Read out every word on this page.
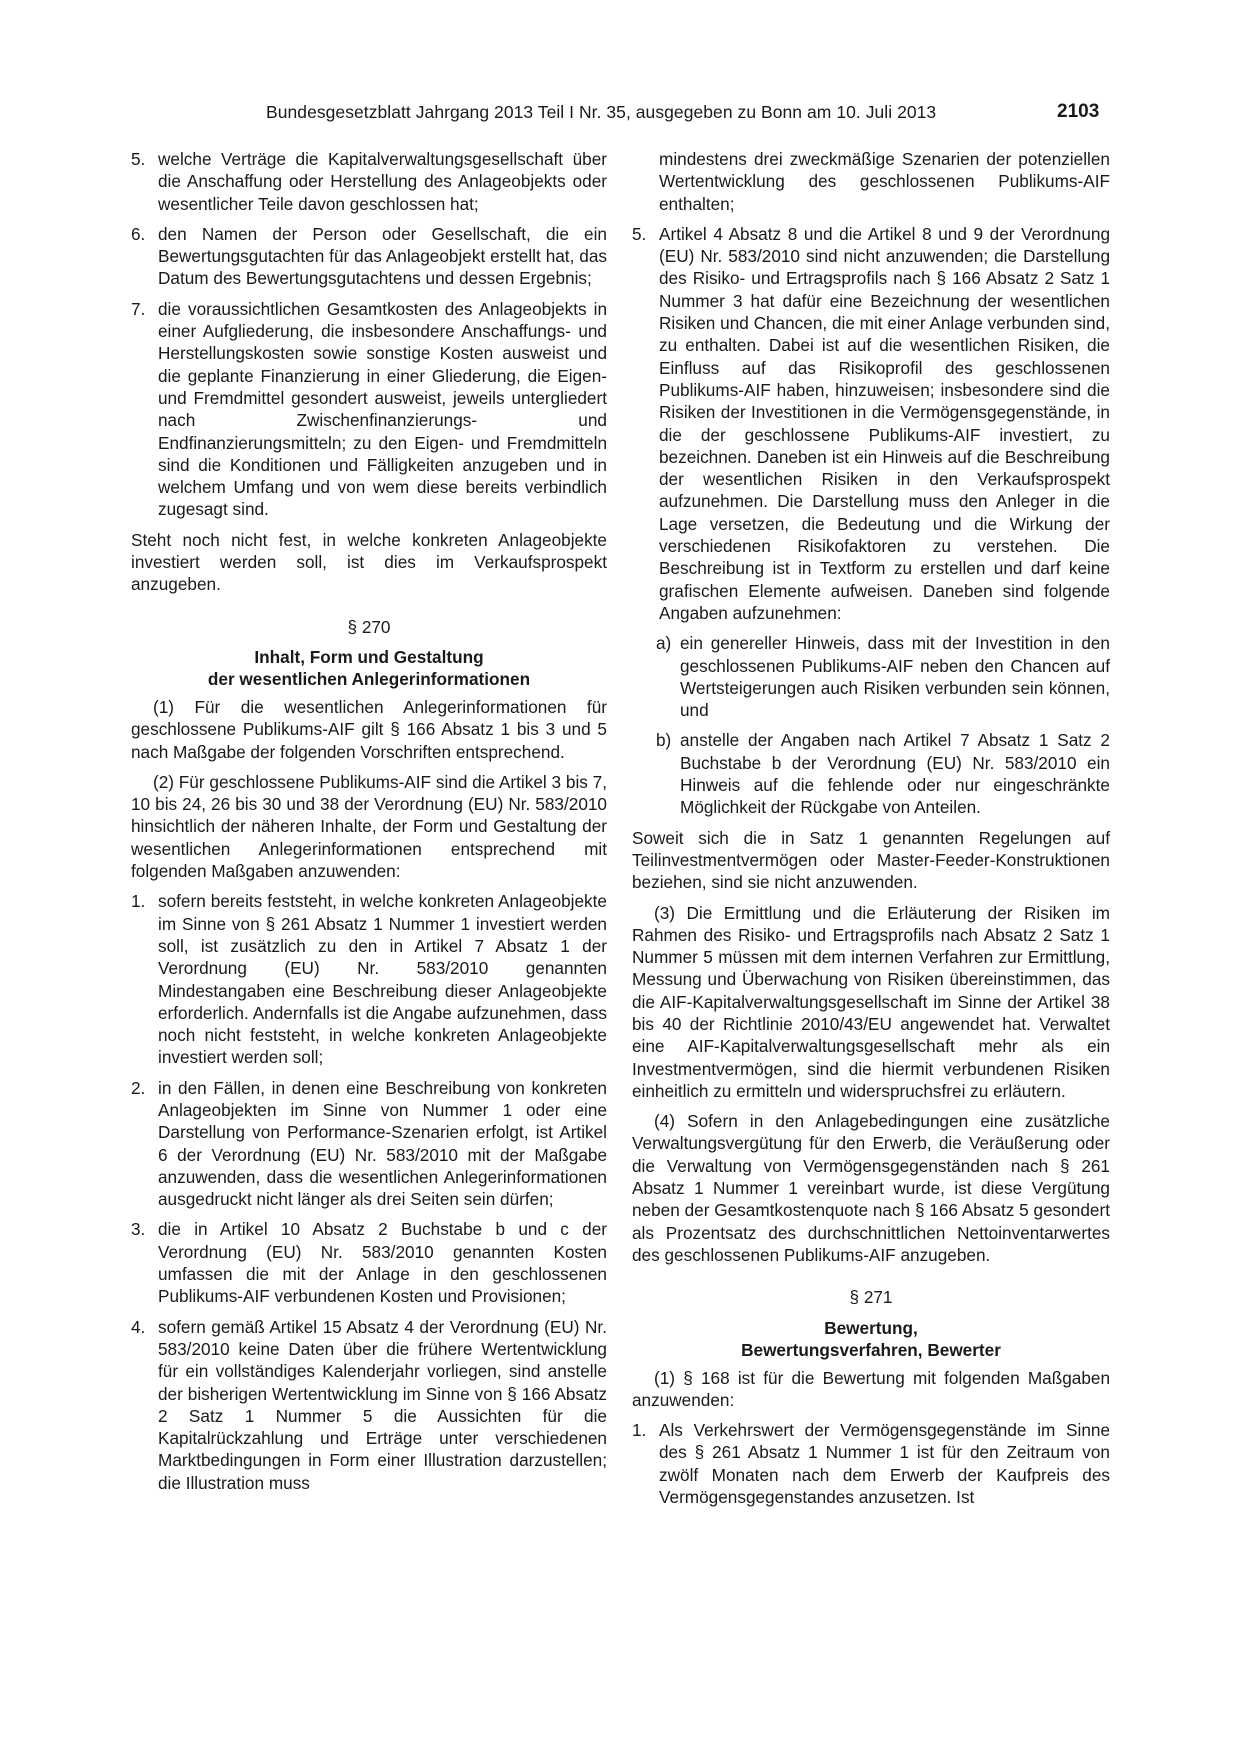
Bundesgesetzblatt Jahrgang 2013 Teil I Nr. 35, ausgegeben zu Bonn am 10. Juli 2013	2103
5. welche Verträge die Kapitalverwaltungsgesellschaft über die Anschaffung oder Herstellung des Anlageobjekts oder wesentlicher Teile davon geschlossen hat;
6. den Namen der Person oder Gesellschaft, die ein Bewertungsgutachten für das Anlageobjekt erstellt hat, das Datum des Bewertungsgutachtens und dessen Ergebnis;
7. die voraussichtlichen Gesamtkosten des Anlageobjekts in einer Aufgliederung, die insbesondere Anschaffungs- und Herstellungskosten sowie sonstige Kosten ausweist und die geplante Finanzierung in einer Gliederung, die Eigen- und Fremdmittel gesondert ausweist, jeweils untergliedert nach Zwischenfinanzierungs- und Endfinanzierungsmitteln; zu den Eigen- und Fremdmitteln sind die Konditionen und Fälligkeiten anzugeben und in welchem Umfang und von wem diese bereits verbindlich zugesagt sind.

Steht noch nicht fest, in welche konkreten Anlageobjekte investiert werden soll, ist dies im Verkaufsprospekt anzugeben.

§ 270
Inhalt, Form und Gestaltung
der wesentlichen Anlegerinformationen

(1) Für die wesentlichen Anlegerinformationen für geschlossene Publikums-AIF gilt § 166 Absatz 1 bis 3 und 5 nach Maßgabe der folgenden Vorschriften entsprechend.

(2) Für geschlossene Publikums-AIF sind die Artikel 3 bis 7, 10 bis 24, 26 bis 30 und 38 der Verordnung (EU) Nr. 583/2010 hinsichtlich der näheren Inhalte, der Form und Gestaltung der wesentlichen Anlegerinformationen entsprechend mit folgenden Maßgaben anzuwenden:

1. sofern bereits feststeht, in welche konkreten Anlageobjekte im Sinne von § 261 Absatz 1 Nummer 1 investiert werden soll, ist zusätzlich zu den in Artikel 7 Absatz 1 der Verordnung (EU) Nr. 583/2010 genannten Mindestangaben eine Beschreibung dieser Anlageobjekte erforderlich. Andernfalls ist die Angabe aufzunehmen, dass noch nicht feststeht, in welche konkreten Anlageobjekte investiert werden soll;
2. in den Fällen, in denen eine Beschreibung von konkreten Anlageobjekten im Sinne von Nummer 1 oder eine Darstellung von Performance-Szenarien erfolgt, ist Artikel 6 der Verordnung (EU) Nr. 583/2010 mit der Maßgabe anzuwenden, dass die wesentlichen Anlegerinformationen ausgedruckt nicht länger als drei Seiten sein dürfen;
3. die in Artikel 10 Absatz 2 Buchstabe b und c der Verordnung (EU) Nr. 583/2010 genannten Kosten umfassen die mit der Anlage in den geschlossenen Publikums-AIF verbundenen Kosten und Provisionen;
4. sofern gemäß Artikel 15 Absatz 4 der Verordnung (EU) Nr. 583/2010 keine Daten über die frühere Wertentwicklung für ein vollständiges Kalenderjahr vorliegen, sind anstelle der bisherigen Wertentwicklung im Sinne von § 166 Absatz 2 Satz 1 Nummer 5 die Aussichten für die Kapitalrückzahlung und Erträge unter verschiedenen Marktbedingungen in Form einer Illustration darzustellen; die Illustration muss
mindestens drei zweckmäßige Szenarien der potenziellen Wertentwicklung des geschlossenen Publikums-AIF enthalten;
5. Artikel 4 Absatz 8 und die Artikel 8 und 9 der Verordnung (EU) Nr. 583/2010 sind nicht anzuwenden; die Darstellung des Risiko- und Ertragsprofils nach § 166 Absatz 2 Satz 1 Nummer 3 hat dafür eine Bezeichnung der wesentlichen Risiken und Chancen, die mit einer Anlage verbunden sind, zu enthalten. Dabei ist auf die wesentlichen Risiken, die Einfluss auf das Risikoprofil des geschlossenen Publikums-AIF haben, hinzuweisen; insbesondere sind die Risiken der Investitionen in die Vermögensgegenstände, in die der geschlossene Publikums-AIF investiert, zu bezeichnen. Daneben ist ein Hinweis auf die Beschreibung der wesentlichen Risiken in den Verkaufsprospekt aufzunehmen. Die Darstellung muss den Anleger in die Lage versetzen, die Bedeutung und die Wirkung der verschiedenen Risikofaktoren zu verstehen. Die Beschreibung ist in Textform zu erstellen und darf keine grafischen Elemente aufweisen. Daneben sind folgende Angaben aufzunehmen:
a) ein genereller Hinweis, dass mit der Investition in den geschlossenen Publikums-AIF neben den Chancen auf Wertsteigerungen auch Risiken verbunden sein können, und
b) anstelle der Angaben nach Artikel 7 Absatz 1 Satz 2 Buchstabe b der Verordnung (EU) Nr. 583/2010 ein Hinweis auf die fehlende oder nur eingeschränkte Möglichkeit der Rückgabe von Anteilen.

Soweit sich die in Satz 1 genannten Regelungen auf Teilinvestmentvermögen oder Master-Feeder-Konstruktionen beziehen, sind sie nicht anzuwenden.

(3) Die Ermittlung und die Erläuterung der Risiken im Rahmen des Risiko- und Ertragsprofils nach Absatz 2 Satz 1 Nummer 5 müssen mit dem internen Verfahren zur Ermittlung, Messung und Überwachung von Risiken übereinstimmen, das die AIF-Kapitalverwaltungsgesellschaft im Sinne der Artikel 38 bis 40 der Richtlinie 2010/43/EU angewendet hat. Verwaltet eine AIF-Kapitalverwaltungsgesellschaft mehr als ein Investmentvermögen, sind die hiermit verbundenen Risiken einheitlich zu ermitteln und widerspruchsfrei zu erläutern.

(4) Sofern in den Anlagebedingungen eine zusätzliche Verwaltungsvergütung für den Erwerb, die Veräußerung oder die Verwaltung von Vermögensgegenständen nach § 261 Absatz 1 Nummer 1 vereinbart wurde, ist diese Vergütung neben der Gesamtkostenquote nach § 166 Absatz 5 gesondert als Prozentsatz des durchschnittlichen Nettoinventarwertes des geschlossenen Publikums-AIF anzugeben.

§ 271
Bewertung,
Bewertungsverfahren, Bewerter

(1) § 168 ist für die Bewertung mit folgenden Maßgaben anzuwenden:

1. Als Verkehrswert der Vermögensgegenstände im Sinne des § 261 Absatz 1 Nummer 1 ist für den Zeitraum von zwölf Monaten nach dem Erwerb der Kaufpreis des Vermögensgegenstandes anzusetzen. Ist
